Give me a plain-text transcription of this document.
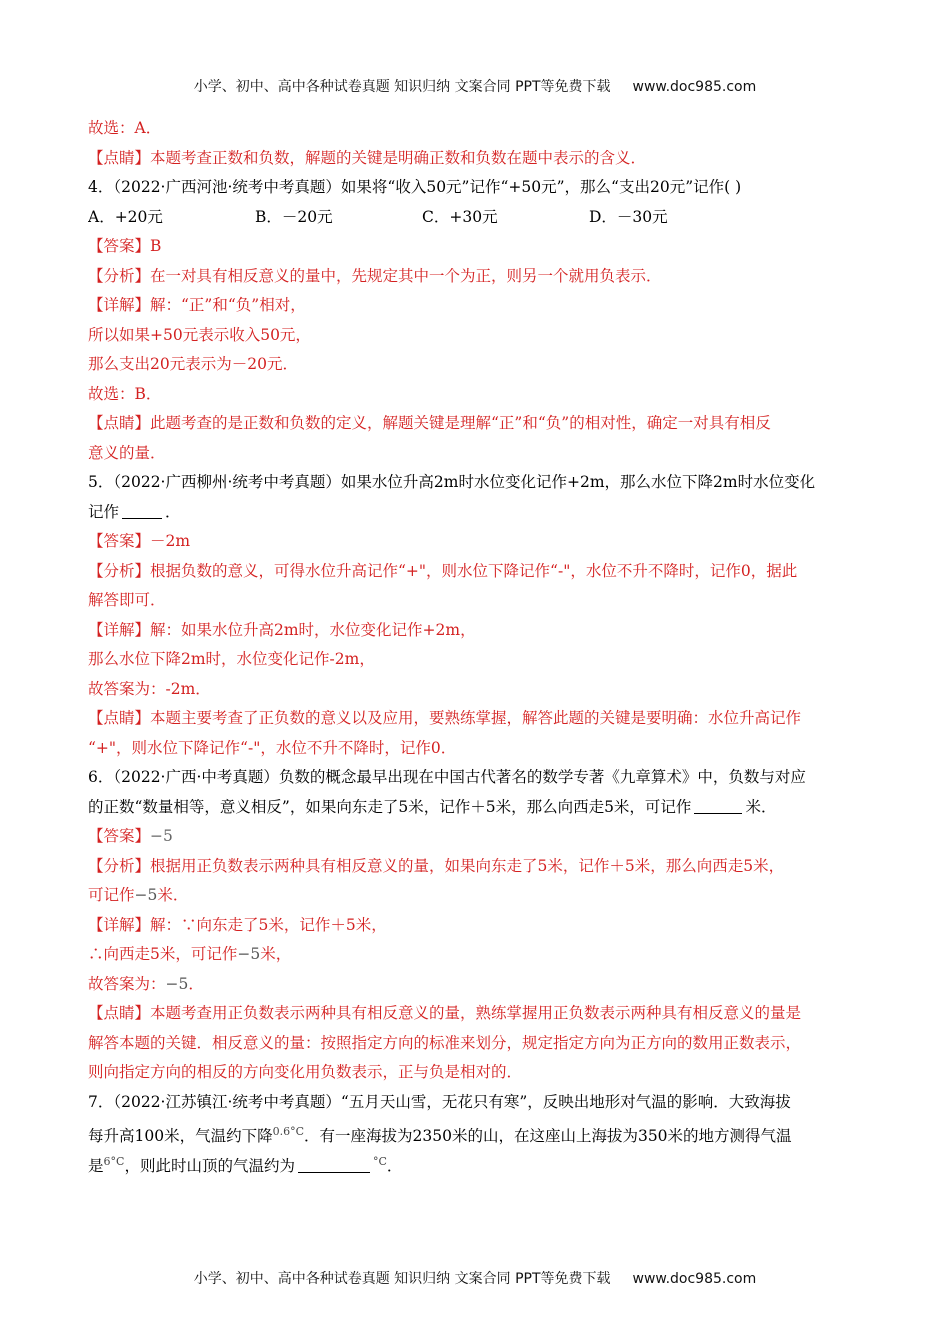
小学、初中、高中各种试卷真题 知识归纳 文案合同 PPT等免费下载 www.doc985.com
故选：A．
【点睛】本题考查正数和负数，解题的关键是明确正数和负数在题中表示的含义．
4．（2022·广西河池·统考中考真题）如果将“收入50元”记作“+50元”，那么“支出20元”记作( )
A．+20元	B．－20元	C．+30元	D．－30元
【答案】B
【分析】在一对具有相反意义的量中，先规定其中一个为正，则另一个就用负表示．
【详解】解：“正”和“负”相对，
所以如果+50元表示收入50元，
那么支出20元表示为－20元．
故选：B．
【点睛】此题考查的是正数和负数的定义，解题关键是理解“正”和“负”的相对性，确定一对具有相反
意义的量．
5．（2022·广西柳州·统考中考真题）如果水位升高2m时水位变化记作+2m，那么水位下降2m时水位变化
记作	．
【答案】－2m
【分析】根据负数的意义，可得水位升高记作“+"，则水位下降记作“-"，水位不升不降时，记作0，据此
解答即可．
【详解】解：如果水位升高2m时，水位变化记作+2m，
那么水位下降2m时，水位变化记作-2m，
故答案为：-2m．
【点睛】本题主要考查了正负数的意义以及应用，要熟练掌握，解答此题的关键是要明确：水位升高记作
“+"，则水位下降记作“-"，水位不升不降时，记作0．
6．（2022·广西·中考真题）负数的概念最早出现在中国古代著名的数学专著《九章算术》中，负数与对应
的正数“数量相等，意义相反”，如果向东走了5米，记作＋5米，那么向西走5米，可记作	米．
【答案】−5
【分析】根据用正负数表示两种具有相反意义的量，如果向东走了5米，记作＋5米，那么向西走5米，
可记作−5米．
【详解】解：∵向东走了5米，记作＋5米，
∴向西走5米，可记作−5米，
故答案为：−5．
【点睛】本题考查用正负数表示两种具有相反意义的量，熟练掌握用正负数表示两种具有相反意义的量是
解答本题的关键．相反意义的量：按照指定方向的标准来划分，规定指定方向为正方向的数用正数表示，
则向指定方向的相反的方向变化用负数表示，正与负是相对的．
7．（2022·江苏镇江·统考中考真题）“五月天山雪，无花只有寒”，反映出地形对气温的影响．大致海拔
每升高100米，气温约下降$^{0.6^\circ C}$．有一座海拔为2350米的山，在这座山上海拔为350米的地方测得气温
是$^{6^\circ C}$，则此时山顶的气温约为	$^{^\circ C}$．
小学、初中、高中各种试卷真题 知识归纳 文案合同 PPT等免费下载 www.doc985.com
